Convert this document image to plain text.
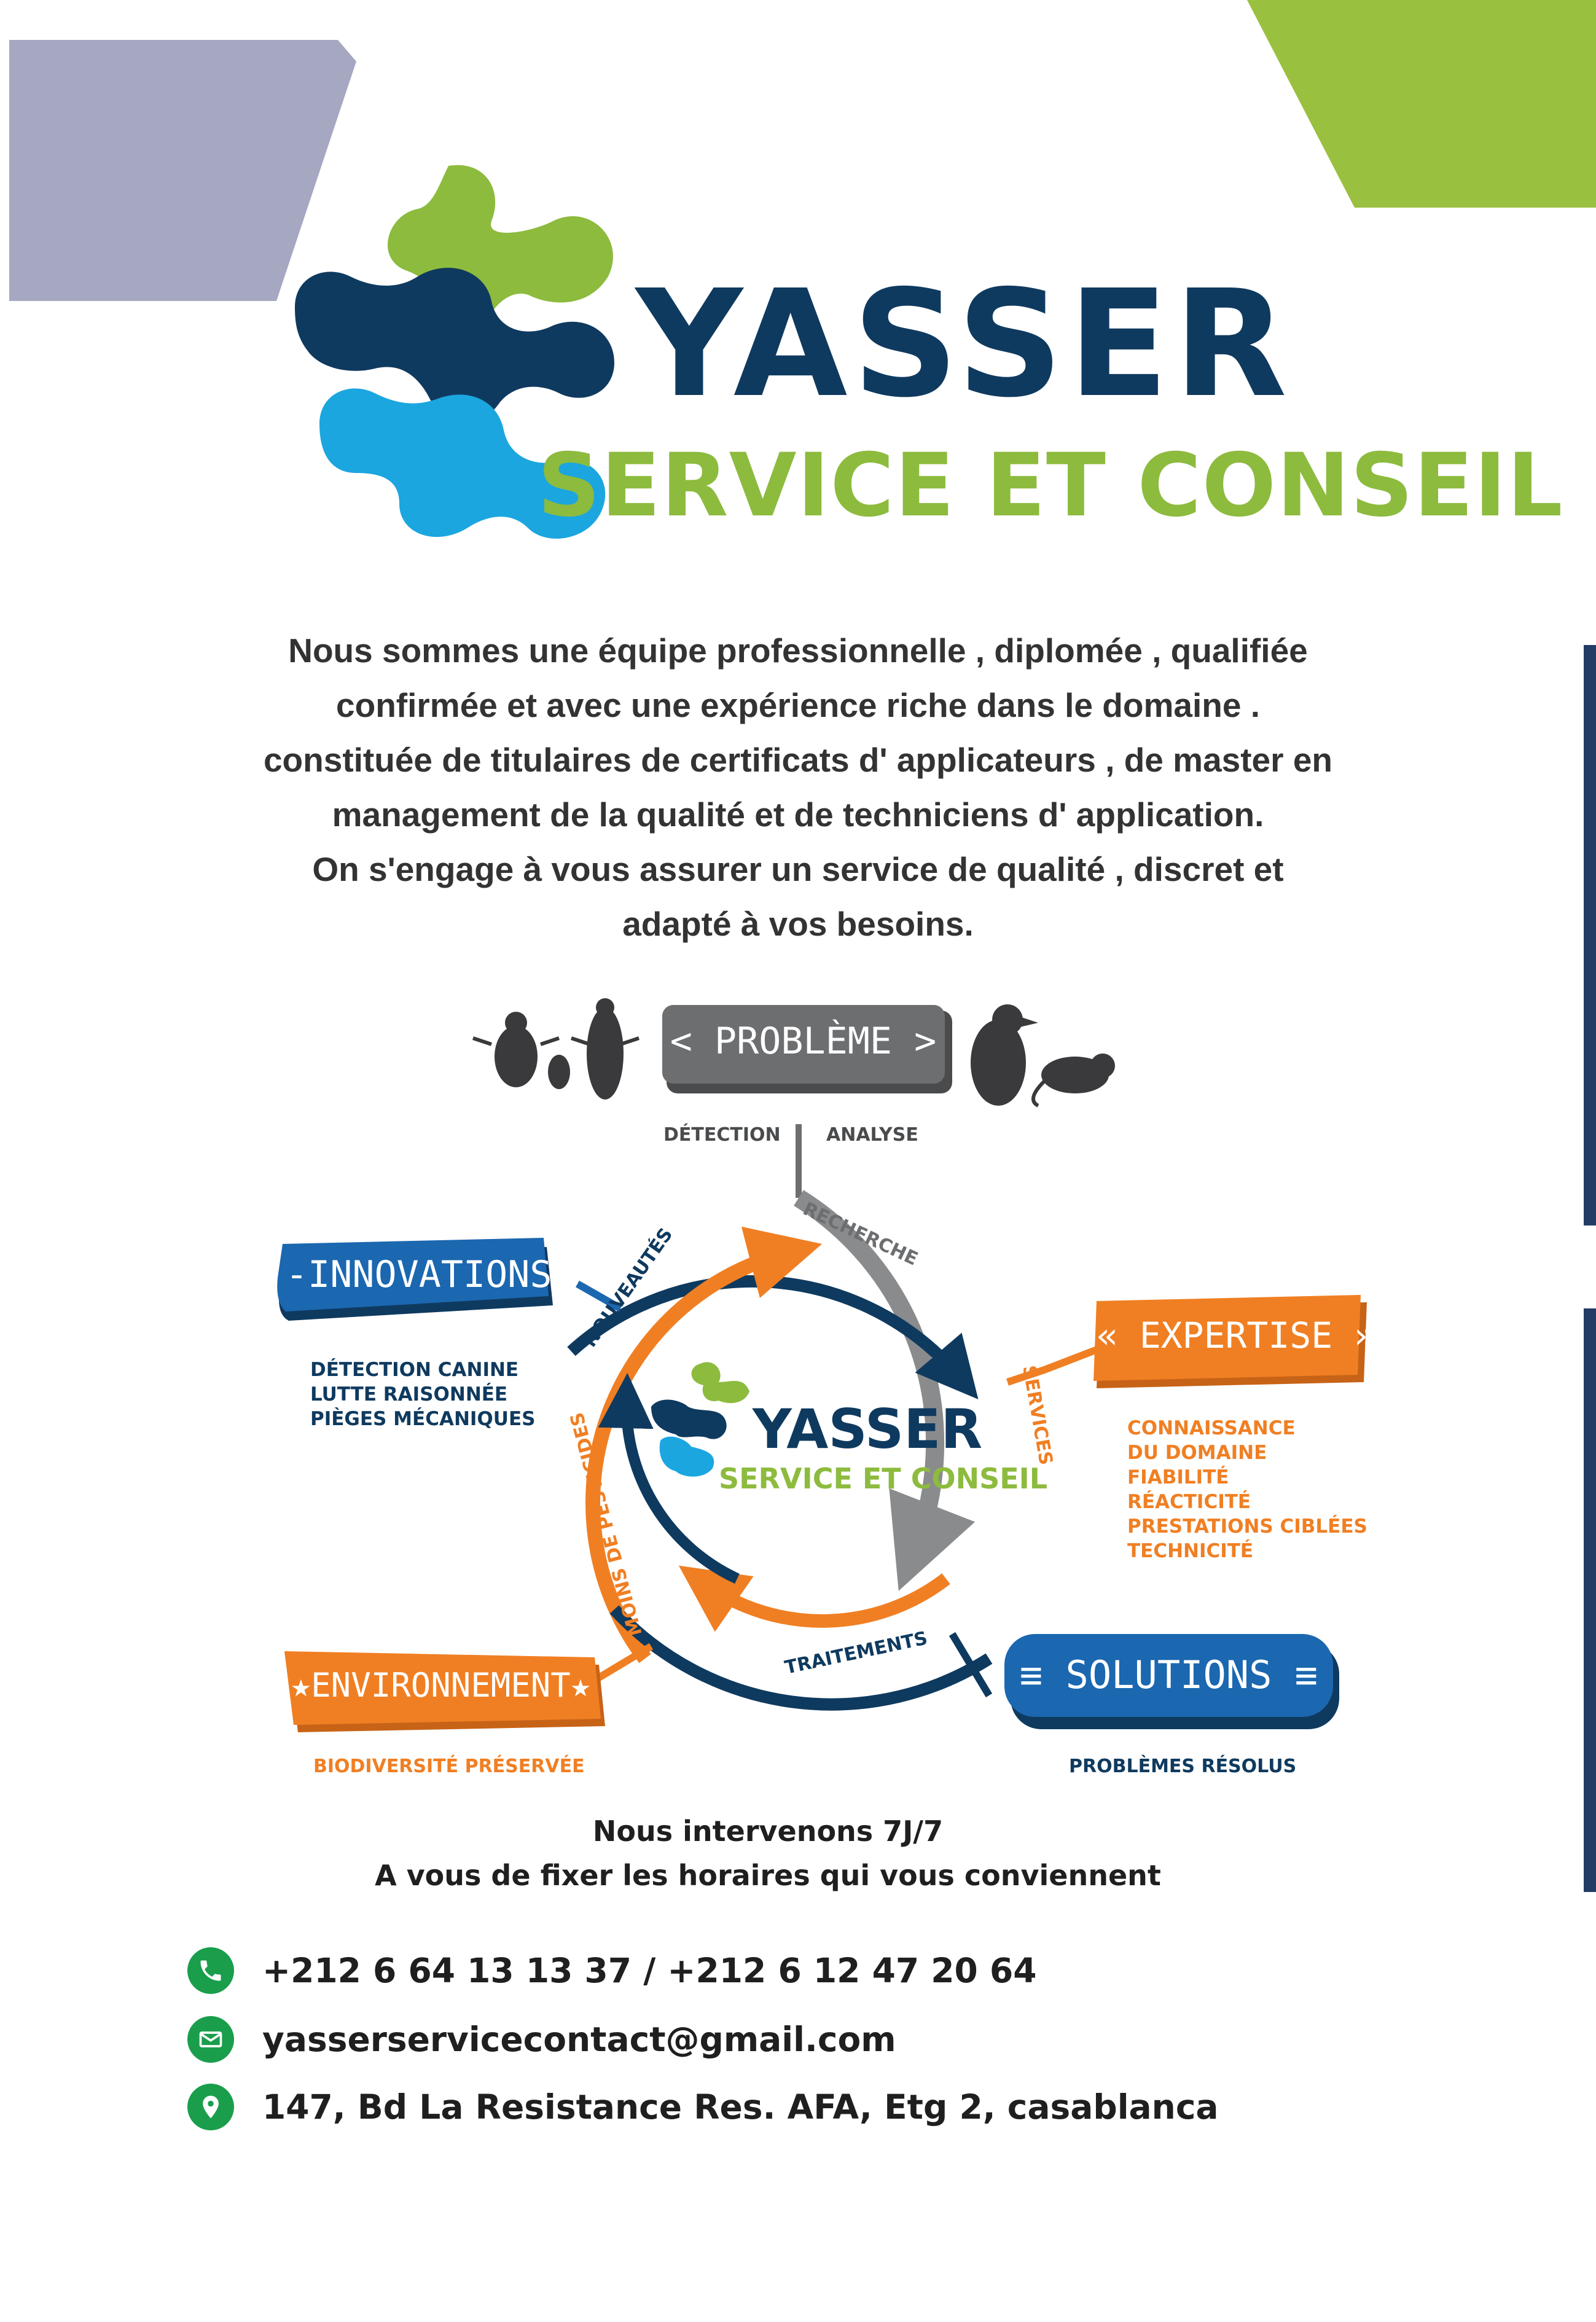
YASSER
SERVICE ET CONSEIL

Nous sommes une équipe professionnelle , diplomée , qualifiée

confirmée et avec une expérience riche dans le domaine .

constituée de titulaires de certificats d' applicateurs , de master en

management de la qualité et de techniciens d' application.

On s'engage à vous assurer un service de qualité , discret et

adapté à vos besoins.

RECHERCHE
NOUVEAUTÉS
SERVICES
MOINS DE PESTICIDES
TRAITEMENTS
< PROBLÈME >
DÉTECTION ANALYSE
-INNOVATIONS-
DÉTECTION CANINE
LUTTE RAISONNÉE
PIÈGES MÉCANIQUES
« EXPERTISE »
CONNAISSANCE
DU DOMAINE
FIABILITÉ
RÉACTICITÉ
PRESTATIONS CIBLÉES
TECHNICITÉ
★ENVIRONNEMENT★
BIODIVERSITÉ PRÉSERVÉE
≡ SOLUTIONS ≡
PROBLÈMES RÉSOLUS
YASSER
SERVICE ET CONSEIL
Nous intervenons 7J/7
A vous de fixer les horaires qui vous conviennent
+212 6 64 13 13 37 / +212 6 12 47 20 64
yasserservicecontact@gmail.com
147, Bd La Resistance Res. AFA, Etg 2, casablanca
